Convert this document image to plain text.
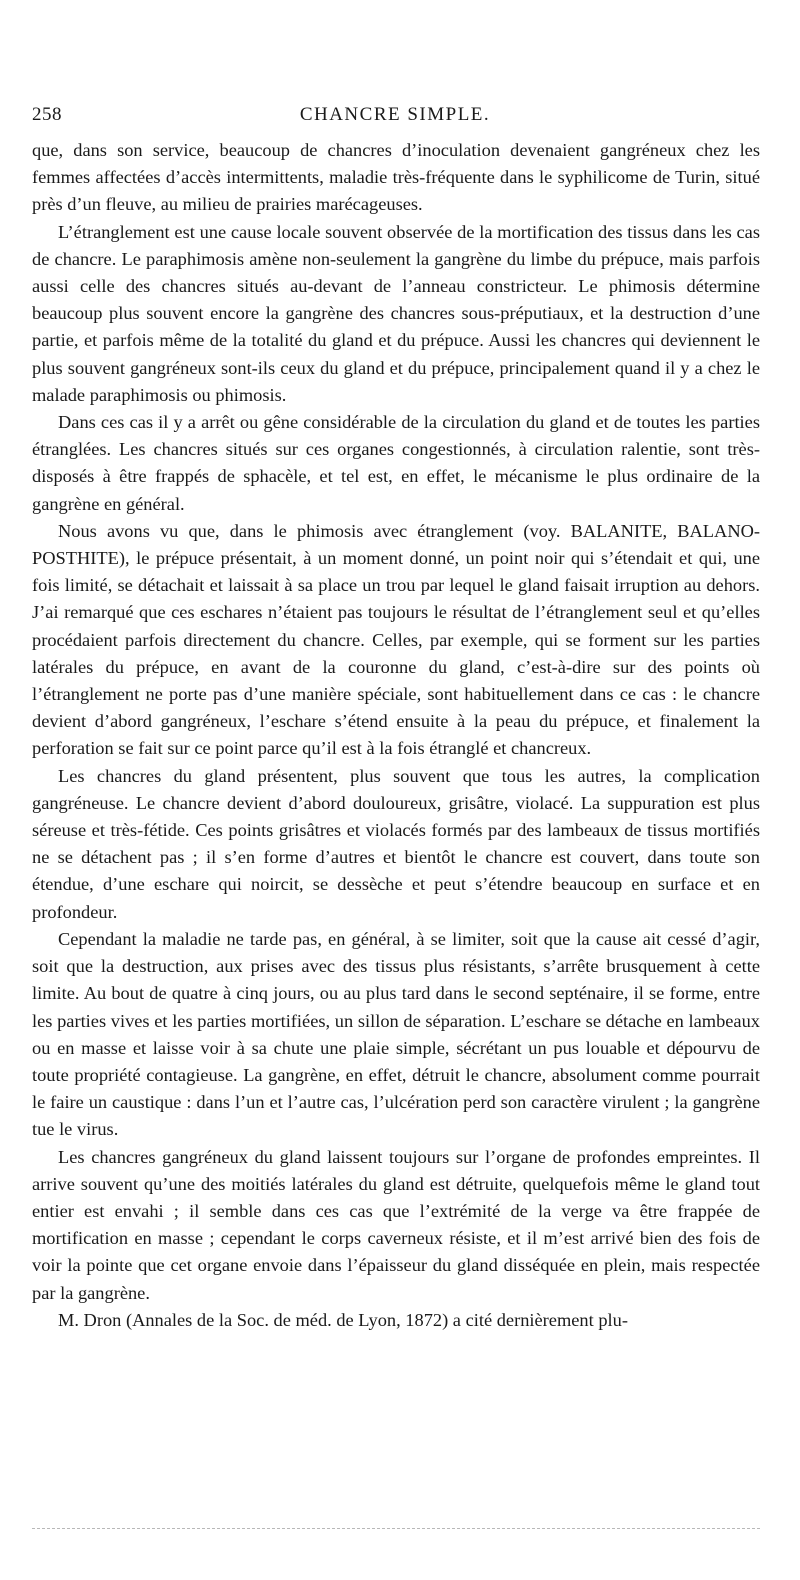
258	CHANCRE SIMPLE.

que, dans son service, beaucoup de chancres d’inoculation devenaient gangréneux chez les femmes affectées d’accès intermittents, maladie très-fréquente dans le syphilicome de Turin, situé près d’un fleuve, au milieu de prairies marécageuses.

L’étranglement est une cause locale souvent observée de la mortification des tissus dans les cas de chancre. Le paraphimosis amène non-seulement la gangrène du limbe du prépuce, mais parfois aussi celle des chancres situés au-devant de l’anneau constricteur. Le phimosis détermine beaucoup plus souvent encore la gangrène des chancres sous-préputiaux, et la destruction d’une partie, et parfois même de la totalité du gland et du prépuce. Aussi les chancres qui deviennent le plus souvent gangréneux sont-ils ceux du gland et du prépuce, principalement quand il y a chez le malade paraphimosis ou phimosis.

Dans ces cas il y a arrêt ou gêne considérable de la circulation du gland et de toutes les parties étranglées. Les chancres situés sur ces organes congestionnés, à circulation ralentie, sont très-disposés à être frappés de sphacèle, et tel est, en effet, le mécanisme le plus ordinaire de la gangrène en général.

Nous avons vu que, dans le phimosis avec étranglement (voy. BALANITE, BALANO-POSTHITE), le prépuce présentait, à un moment donné, un point noir qui s’étendait et qui, une fois limité, se détachait et laissait à sa place un trou par lequel le gland faisait irruption au dehors. J’ai remarqué que ces eschares n’étaient pas toujours le résultat de l’étranglement seul et qu’elles procédaient parfois directement du chancre. Celles, par exemple, qui se forment sur les parties latérales du prépuce, en avant de la couronne du gland, c’est-à-dire sur des points où l’étranglement ne porte pas d’une manière spéciale, sont habituellement dans ce cas : le chancre devient d’abord gangréneux, l’eschare s’étend ensuite à la peau du prépuce, et finalement la perforation se fait sur ce point parce qu’il est à la fois étranglé et chancreux.

Les chancres du gland présentent, plus souvent que tous les autres, la complication gangréneuse. Le chancre devient d’abord douloureux, grisâtre, violacé. La suppuration est plus séreuse et très-fétide. Ces points grisâtres et violacés formés par des lambeaux de tissus mortifiés ne se détachent pas ; il s’en forme d’autres et bientôt le chancre est couvert, dans toute son étendue, d’une eschare qui noircit, se dessèche et peut s’étendre beaucoup en surface et en profondeur.

Cependant la maladie ne tarde pas, en général, à se limiter, soit que la cause ait cessé d’agir, soit que la destruction, aux prises avec des tissus plus résistants, s’arrête brusquement à cette limite. Au bout de quatre à cinq jours, ou au plus tard dans le second septénaire, il se forme, entre les parties vives et les parties mortifiées, un sillon de séparation. L’eschare se détache en lambeaux ou en masse et laisse voir à sa chute une plaie simple, sécrétant un pus louable et dépourvu de toute propriété contagieuse. La gangrène, en effet, détruit le chancre, absolument comme pourrait le faire un caustique : dans l’un et l’autre cas, l’ulcération perd son caractère virulent ; la gangrène tue le virus.

Les chancres gangréneux du gland laissent toujours sur l’organe de profondes empreintes. Il arrive souvent qu’une des moitiés latérales du gland est détruite, quelquefois même le gland tout entier est envahi ; il semble dans ces cas que l’extrémité de la verge va être frappée de mortification en masse ; cependant le corps caverneux résiste, et il m’est arrivé bien des fois de voir la pointe que cet organe envoie dans l’épaisseur du gland disséquée en plein, mais respectée par la gangrène.

M. Dron (Annales de la Soc. de méd. de Lyon, 1872) a cité dernièrement plu-
